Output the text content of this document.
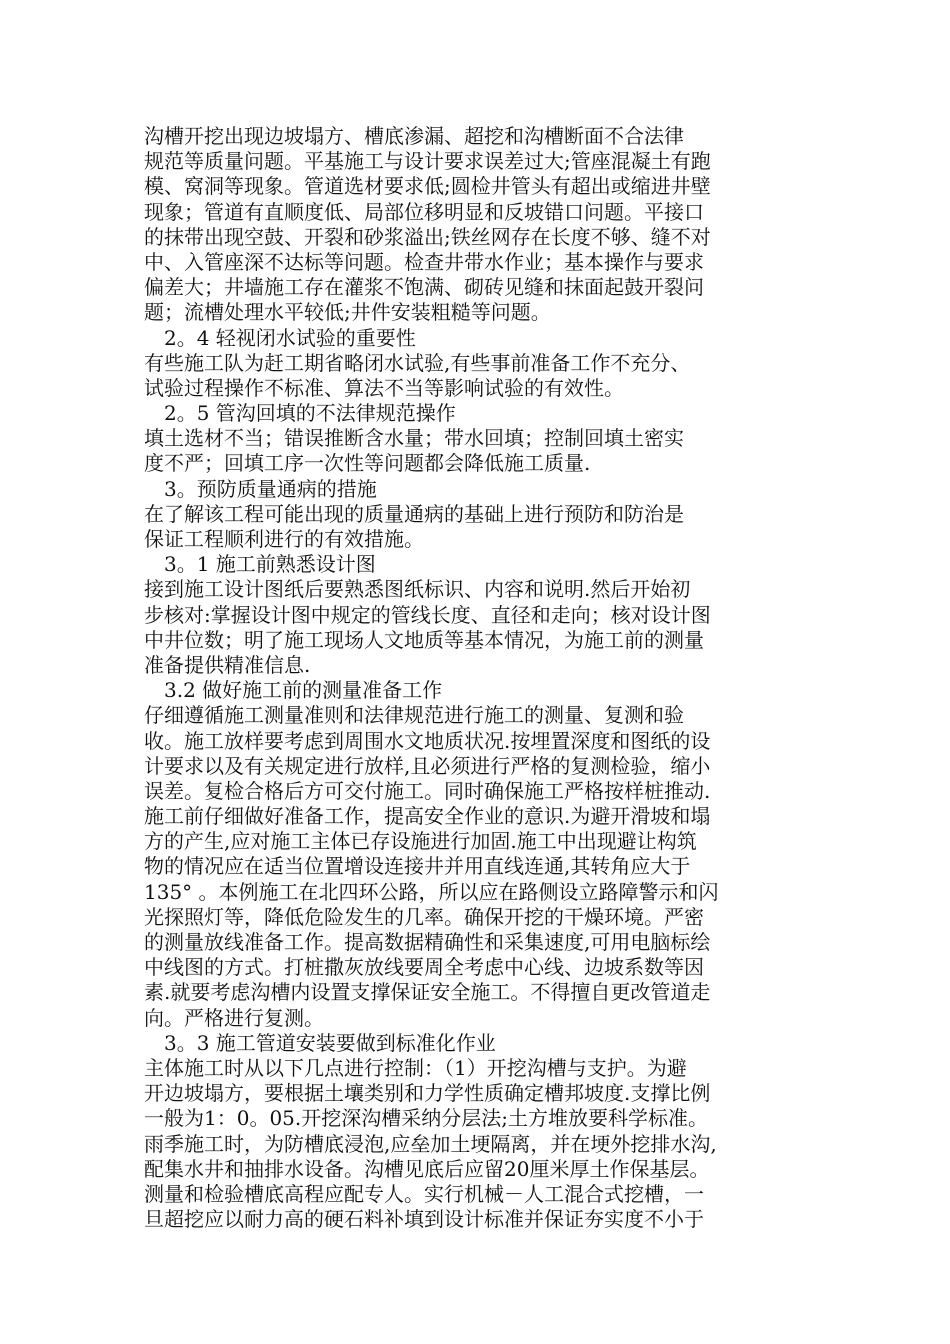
沟槽开挖出现边坡塌方、槽底渗漏、超挖和沟槽断面不合法律
规范等质量问题。平基施工与设计要求误差过大;管座混凝土有跑
模、窝洞等现象。管道选材要求低;圆检井管头有超出或缩进井壁
现象；管道有直顺度低、局部位移明显和反坡错口问题。平接口
的抹带出现空鼓、开裂和砂浆溢出;铁丝网存在长度不够、缝不对
中、入管座深不达标等问题。检查井带水作业；基本操作与要求
偏差大；井墙施工存在灌浆不饱满、砌砖见缝和抹面起鼓开裂问
题；流槽处理水平较低;井件安装粗糙等问题。
2。4 轻视闭水试验的重要性
有些施工队为赶工期省略闭水试验,有些事前准备工作不充分、
试验过程操作不标准、算法不当等影响试验的有效性。
2。5 管沟回填的不法律规范操作
填土选材不当；错误推断含水量；带水回填；控制回填土密实
度不严；回填工序一次性等问题都会降低施工质量.
3。预防质量通病的措施
在了解该工程可能出现的质量通病的基础上进行预防和防治是
保证工程顺利进行的有效措施。
3。1 施工前熟悉设计图
接到施工设计图纸后要熟悉图纸标识、内容和说明.然后开始初
步核对:掌握设计图中规定的管线长度、直径和走向；核对设计图
中井位数；明了施工现场人文地质等基本情况，为施工前的测量
准备提供精准信息.
3.2 做好施工前的测量准备工作
仔细遵循施工测量准则和法律规范进行施工的测量、复测和验
收。施工放样要考虑到周围水文地质状况.按埋置深度和图纸的设
计要求以及有关规定进行放样,且必须进行严格的复测检验，缩小
误差。复检合格后方可交付施工。同时确保施工严格按样桩推动.
施工前仔细做好准备工作，提高安全作业的意识.为避开滑坡和塌
方的产生,应对施工主体已存设施进行加固.施工中出现避让构筑
物的情况应在适当位置增设连接井并用直线连通,其转角应大于
135° 。本例施工在北四环公路，所以应在路侧设立路障警示和闪
光探照灯等，降低危险发生的几率。确保开挖的干燥环境。严密
的测量放线准备工作。提高数据精确性和采集速度,可用电脑标绘
中线图的方式。打桩撒灰放线要周全考虑中心线、边坡系数等因
素.就要考虑沟槽内设置支撑保证安全施工。不得擅自更改管道走
向。严格进行复测。
3。3 施工管道安装要做到标准化作业
主体施工时从以下几点进行控制：（1）开挖沟槽与支护。为避
开边坡塌方，要根据土壤类别和力学性质确定槽邦坡度.支撑比例
一般为1：0。05.开挖深沟槽采纳分层法;土方堆放要科学标准。
雨季施工时，为防槽底浸泡,应垒加土埂隔离，并在埂外挖排水沟,
配集水井和抽排水设备。沟槽见底后应留20厘米厚土作保基层。
测量和检验槽底高程应配专人。实行机械－人工混合式挖槽，一
旦超挖应以耐力高的硬石料补填到设计标准并保证夯实度不小于
